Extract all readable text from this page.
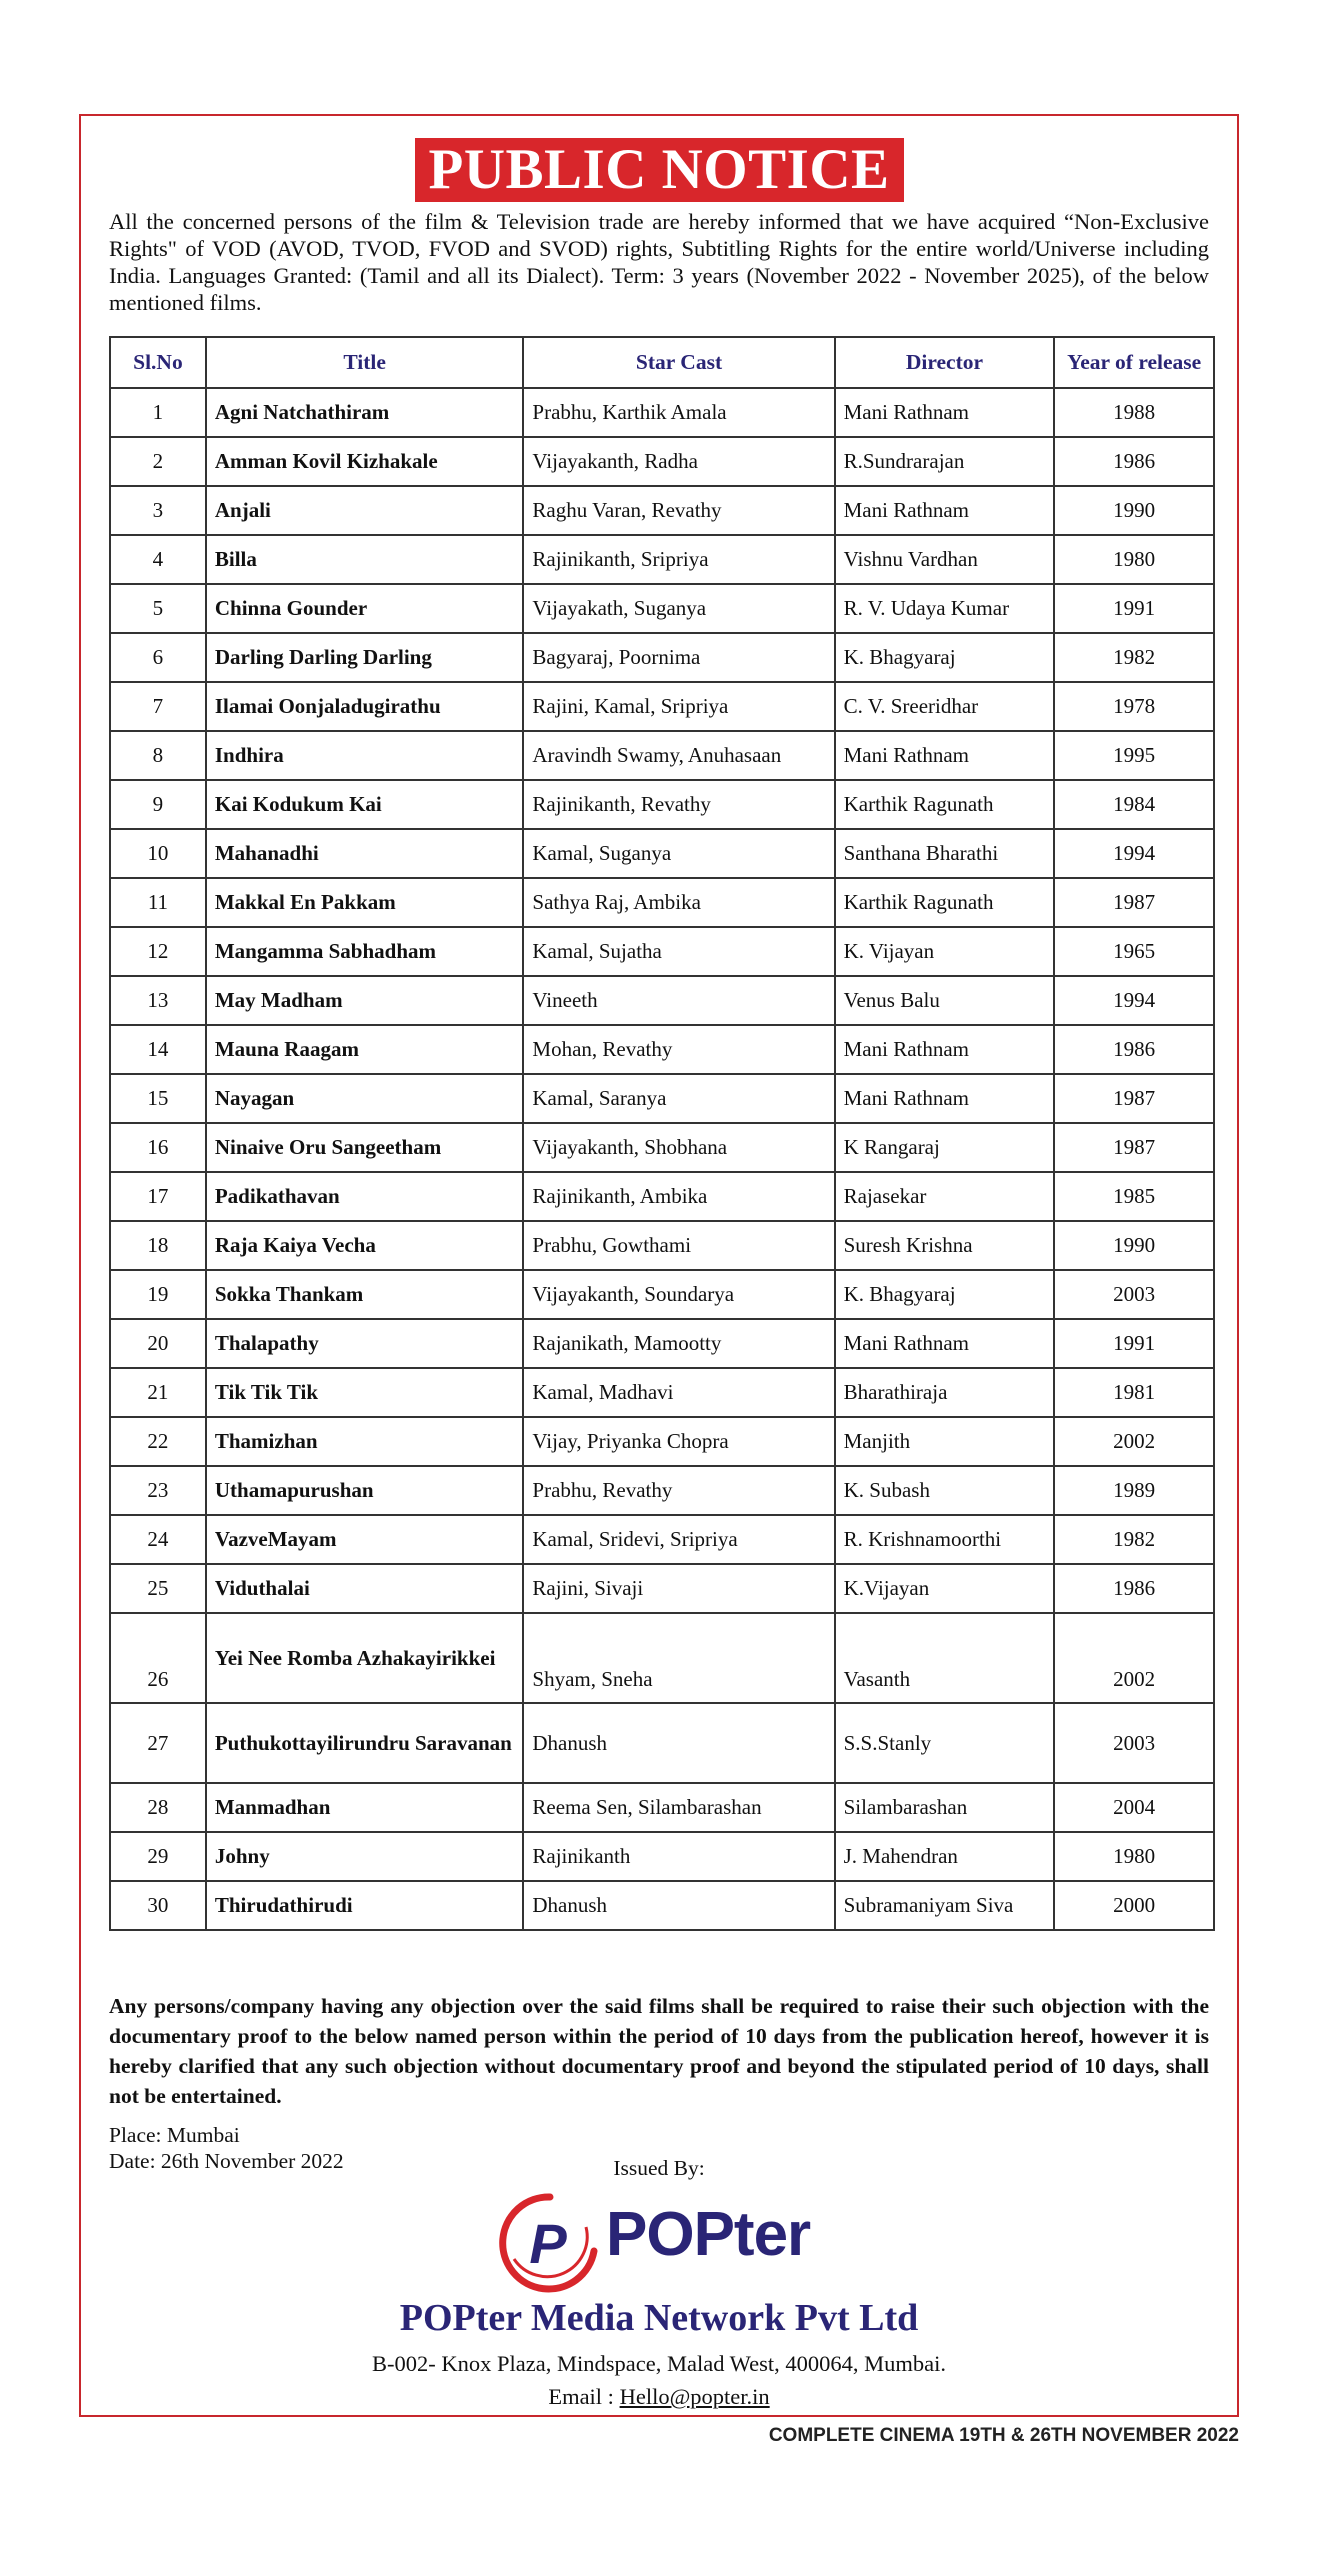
PUBLIC NOTICE

All the concerned persons of the film & Television trade are hereby informed that we have acquired “Non-Exclusive Rights" of VOD (AVOD, TVOD, FVOD and SVOD) rights, Subtitling Rights for the entire world/Universe including India. Languages Granted: (Tamil and all its Dialect). Term: 3 years (November 2022 - November 2025), of the below mentioned films.

Sl.No	Title	Star Cast	Director	Year of release
1	Agni Natchathiram	Prabhu, Karthik Amala	Mani Rathnam	1988
2	Amman Kovil Kizhakale	Vijayakanth, Radha	R.Sundrarajan	1986
3	Anjali	Raghu Varan, Revathy	Mani Rathnam	1990
4	Billa	Rajinikanth, Sripriya	Vishnu Vardhan	1980
5	Chinna Gounder	Vijayakath, Suganya	R. V. Udaya Kumar	1991
6	Darling Darling Darling	Bagyaraj, Poornima	K. Bhagyaraj	1982
7	Ilamai Oonjaladugirathu	Rajini, Kamal, Sripriya	C. V. Sreeridhar	1978
8	Indhira	Aravindh Swamy, Anuhasaan	Mani Rathnam	1995
9	Kai Kodukum Kai	Rajinikanth, Revathy	Karthik Ragunath	1984
10	Mahanadhi	Kamal, Suganya	Santhana Bharathi	1994
11	Makkal En Pakkam	Sathya Raj, Ambika	Karthik Ragunath	1987
12	Mangamma Sabhadham	Kamal, Sujatha	K. Vijayan	1965
13	May Madham	Vineeth	Venus Balu	1994
14	Mauna Raagam	Mohan, Revathy	Mani Rathnam	1986
15	Nayagan	Kamal, Saranya	Mani Rathnam	1987
16	Ninaive Oru Sangeetham	Vijayakanth, Shobhana	K Rangaraj	1987
17	Padikathavan	Rajinikanth, Ambika	Rajasekar	1985
18	Raja Kaiya Vecha	Prabhu, Gowthami	Suresh Krishna	1990
19	Sokka Thankam	Vijayakanth, Soundarya	K. Bhagyaraj	2003
20	Thalapathy	Rajanikath, Mamootty	Mani Rathnam	1991
21	Tik Tik Tik	Kamal, Madhavi	Bharathiraja	1981
22	Thamizhan	Vijay, Priyanka Chopra	Manjith	2002
23	Uthamapurushan	Prabhu, Revathy	K. Subash	1989
24	VazveMayam	Kamal, Sridevi, Sripriya	R. Krishnamoorthi	1982
25	Viduthalai	Rajini, Sivaji	K.Vijayan	1986
26	Yei Nee Romba Azhakayirikkei	Shyam, Sneha	Vasanth	2002
27	Puthukottayilirundru Saravanan	Dhanush	S.S.Stanly	2003
28	Manmadhan	Reema Sen, Silambarashan	Silambarashan	2004
29	Johny	Rajinikanth	J. Mahendran	1980
30	Thirudathirudi	Dhanush	Subramaniyam Siva	2000

Any persons/company having any objection over the said films shall be required to raise their such objection with the documentary proof to the below named person within the period of 10 days from the publication hereof, however it is hereby clarified that any such objection without documentary proof and beyond the stipulated period of 10 days, shall not be entertained.

Place: Mumbai
Date: 26th November 2022	Issued By:
P POPter
POPter Media Network Pvt Ltd
B-002- Knox Plaza, Mindspace, Malad West, 400064, Mumbai.
Email : Hello@popter.in
COMPLETE CINEMA 19TH & 26TH NOVEMBER 2022
